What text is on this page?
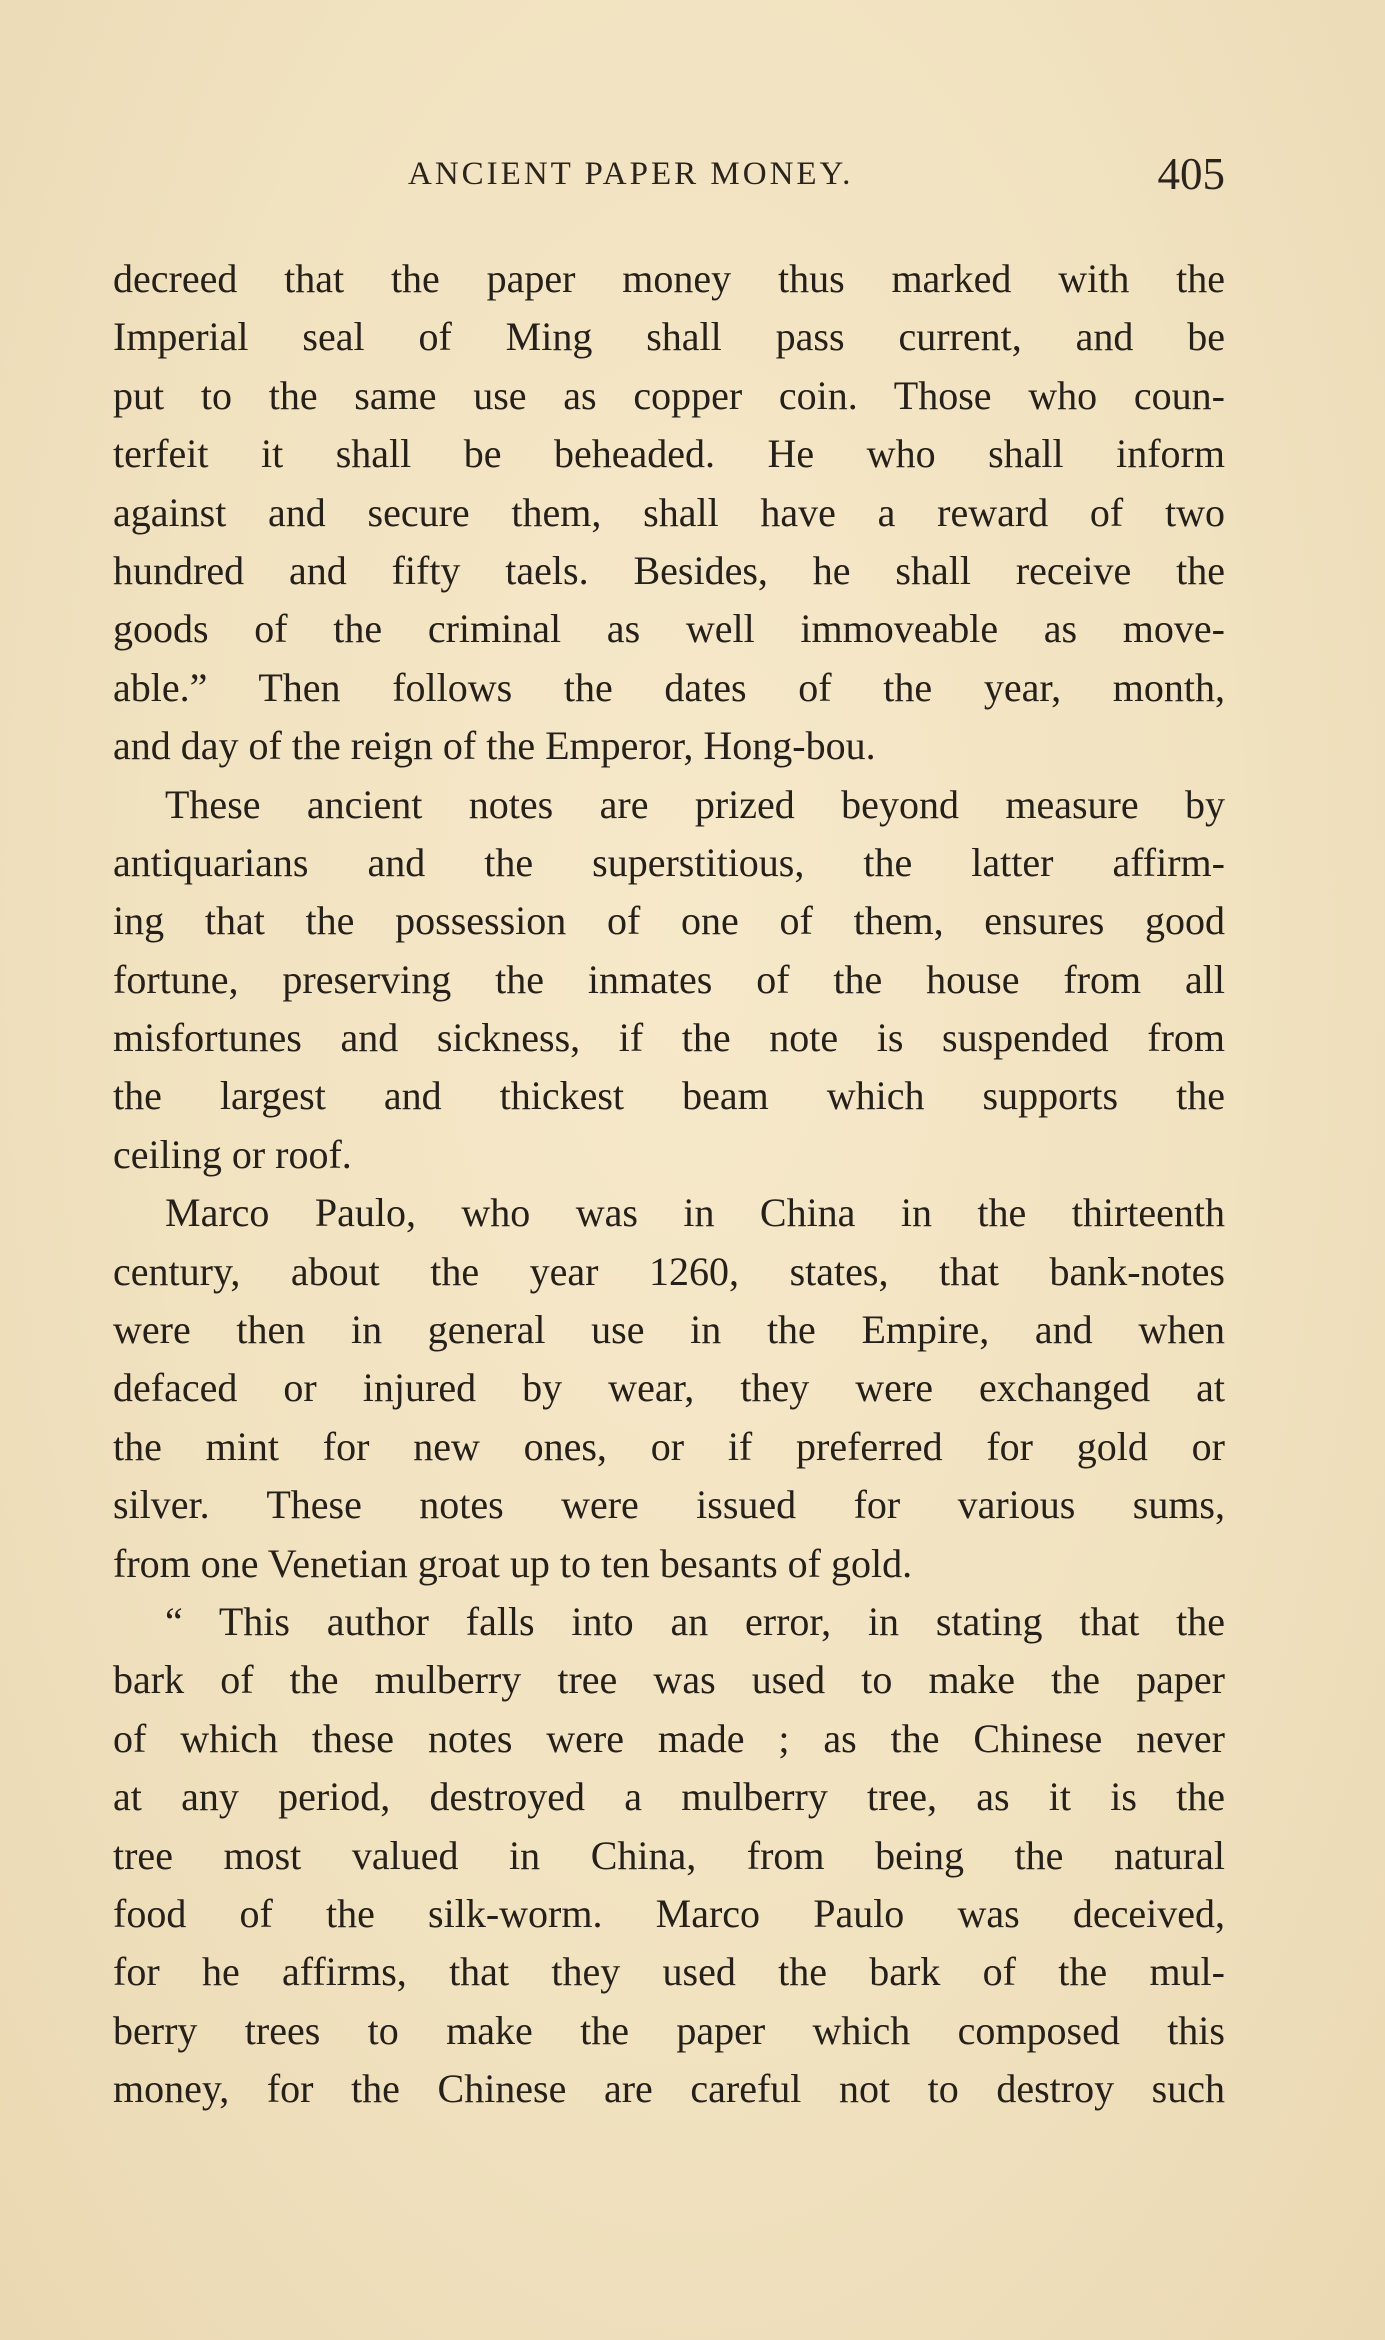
ANCIENT PAPER MONEY.	405
decreed that the paper money thus marked with the
Imperial seal of Ming shall pass current, and be
put to the same use as copper coin. Those who coun-
terfeit it shall be beheaded. He who shall inform
against and secure them, shall have a reward of two
hundred and fifty taels. Besides, he shall receive the
goods of the criminal as well immoveable as move-
able.” Then follows the dates of the year, month,
and day of the reign of the Emperor, Hong-bou.
These ancient notes are prized beyond measure by
antiquarians and the superstitious, the latter affirm-
ing that the possession of one of them, ensures good
fortune, preserving the inmates of the house from all
misfortunes and sickness, if the note is suspended from
the largest and thickest beam which supports the
ceiling or roof.
Marco Paulo, who was in China in the thirteenth
century, about the year 1260, states, that bank-notes
were then in general use in the Empire, and when
defaced or injured by wear, they were exchanged at
the mint for new ones, or if preferred for gold or
silver. These notes were issued for various sums,
from one Venetian groat up to ten besants of gold.
“ This author falls into an error, in stating that the
bark of the mulberry tree was used to make the paper
of which these notes were made ; as the Chinese never
at any period, destroyed a mulberry tree, as it is the
tree most valued in China, from being the natural
food of the silk-worm. Marco Paulo was deceived,
for he affirms, that they used the bark of the mul-
berry trees to make the paper which composed this
money, for the Chinese are careful not to destroy such
